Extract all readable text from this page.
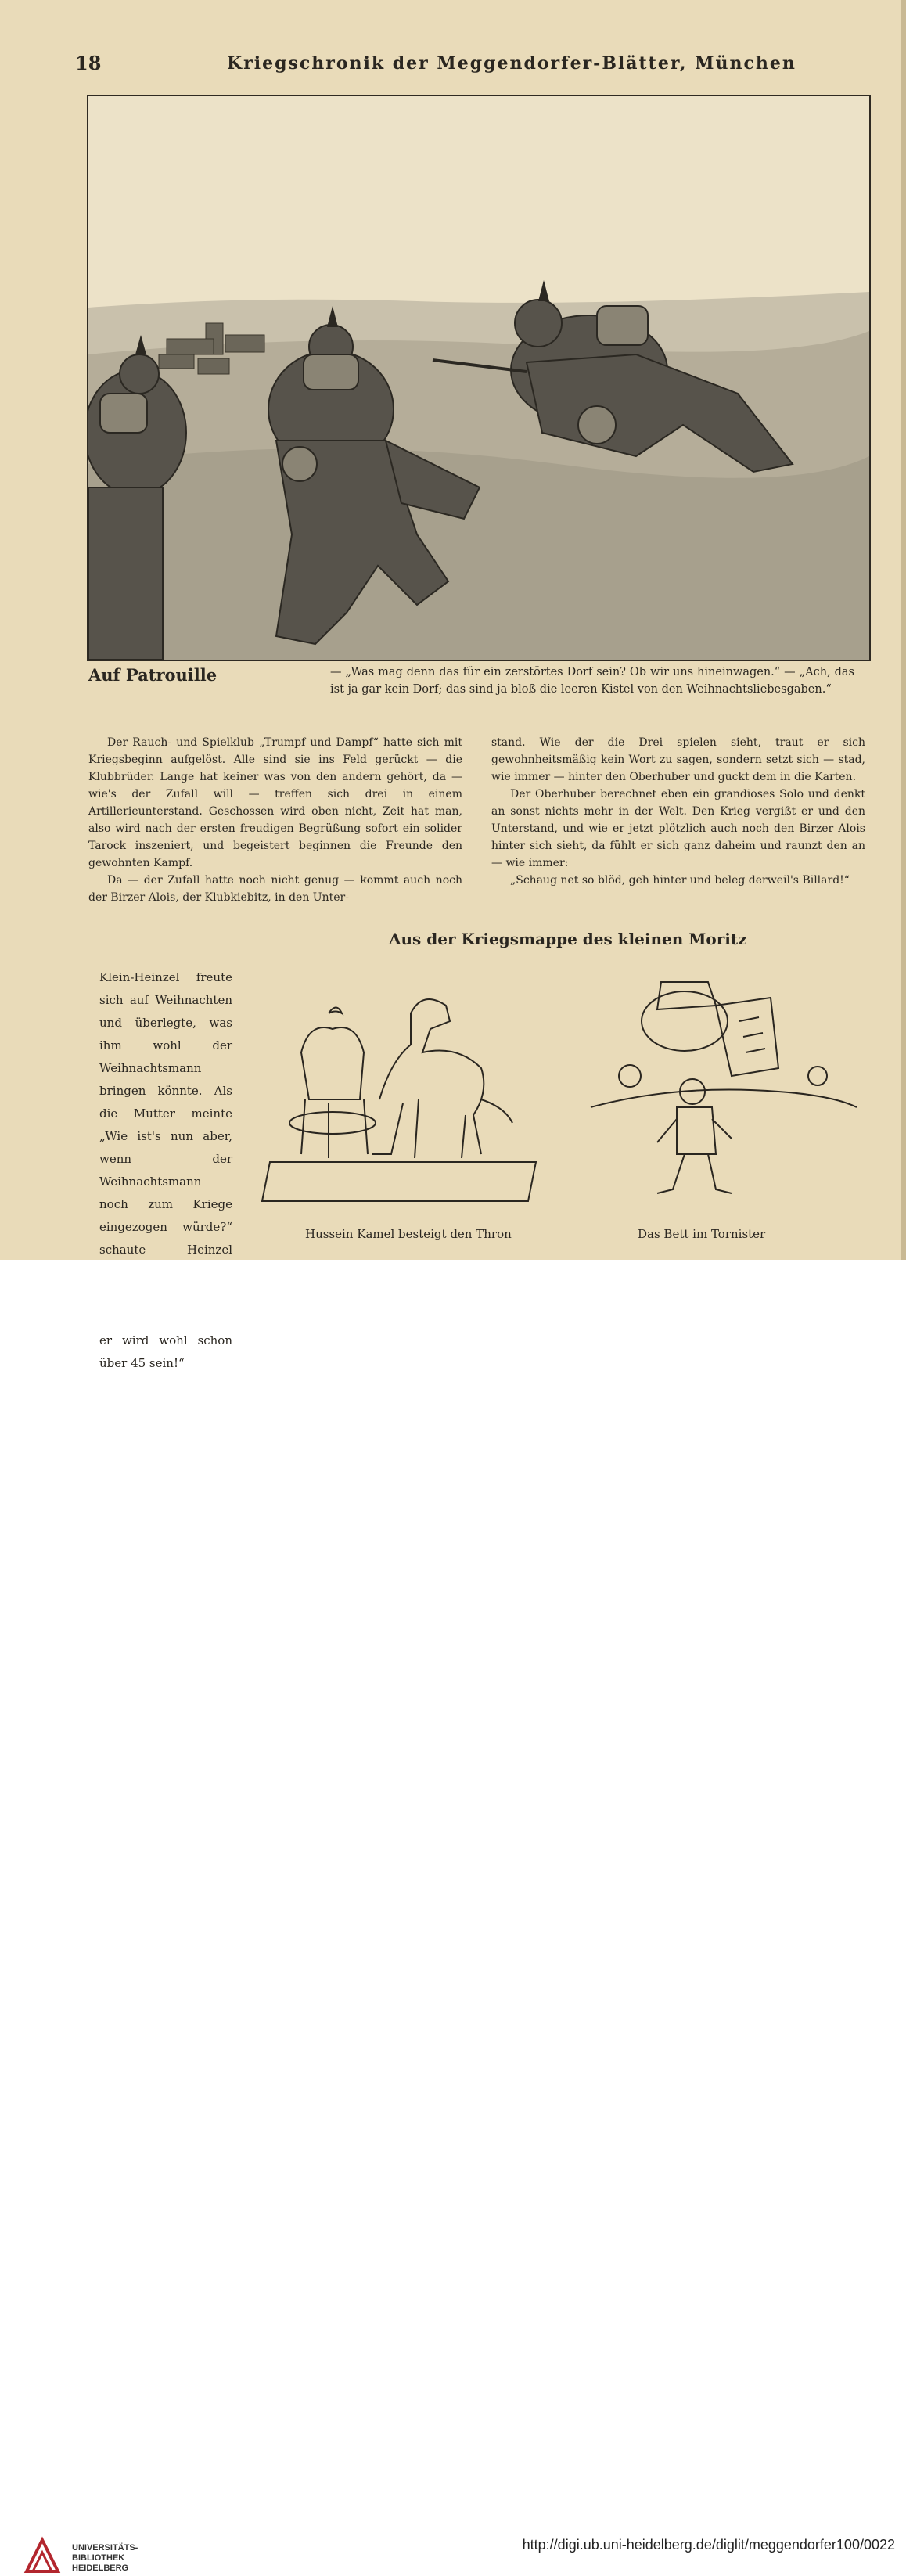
18	Kriegschronik der Meggendorfer-Blätter, München
Auf Patrouille	— „Was mag denn das für ein zerstörtes Dorf sein? Ob wir uns hineinwagen.“ — „Ach, das ist ja gar kein Dorf; das sind ja bloß die leeren Kistel von den Weihnachtsliebesgaben.“

Der Rauch- und Spielklub „Trumpf und Dampf“ hatte sich mit Kriegsbeginn aufgelöst. Alle sind sie ins Feld gerückt — die Klubbrüder. Lange hat keiner was von den andern gehört, da — wie's der Zufall will — treffen sich drei in einem Artillerieunterstand. Geschossen wird oben nicht, Zeit hat man, also wird nach der ersten freudigen Begrüßung sofort ein solider Tarock inszeniert, und begeistert beginnen die Freunde den gewohnten Kampf.

Da — der Zufall hatte noch nicht genug — kommt auch noch der Birzer Alois, der Klubkiebitz, in den Unter-

stand. Wie der die Drei spielen sieht, traut er sich gewohnheitsmäßig kein Wort zu sagen, sondern setzt sich — stad, wie immer — hinter den Oberhuber und guckt dem in die Karten.

Der Oberhuber berechnet eben ein grandioses Solo und denkt an sonst nichts mehr in der Welt. Den Krieg vergißt er und den Unterstand, und wie er jetzt plötzlich auch noch den Birzer Alois hinter sich sieht, da fühlt er sich ganz daheim und raunzt den an — wie immer:

„Schaug net so blöd, geh hinter und beleg derweil's Billard!“

Aus der Kriegsmappe des kleinen Moritz
Klein-Heinzel freute sich auf Weihnachten und überlegte, was ihm wohl der Weihnachtsmann bringen könnte. Als die Mutter meinte „Wie ist's nun aber, wenn der Weihnachtsmann noch zum Kriege eingezogen würde?“ schaute Heinzel er wird wohl schon über 45 sein!“
Hussein Kamel besteigt den Thron	Das Bett im Tornister
UNIVERSITÄTS-
BIBLIOTHEK
HEIDELBERG
http://digi.ub.uni-heidelberg.de/diglit/meggendorfer100/0022
